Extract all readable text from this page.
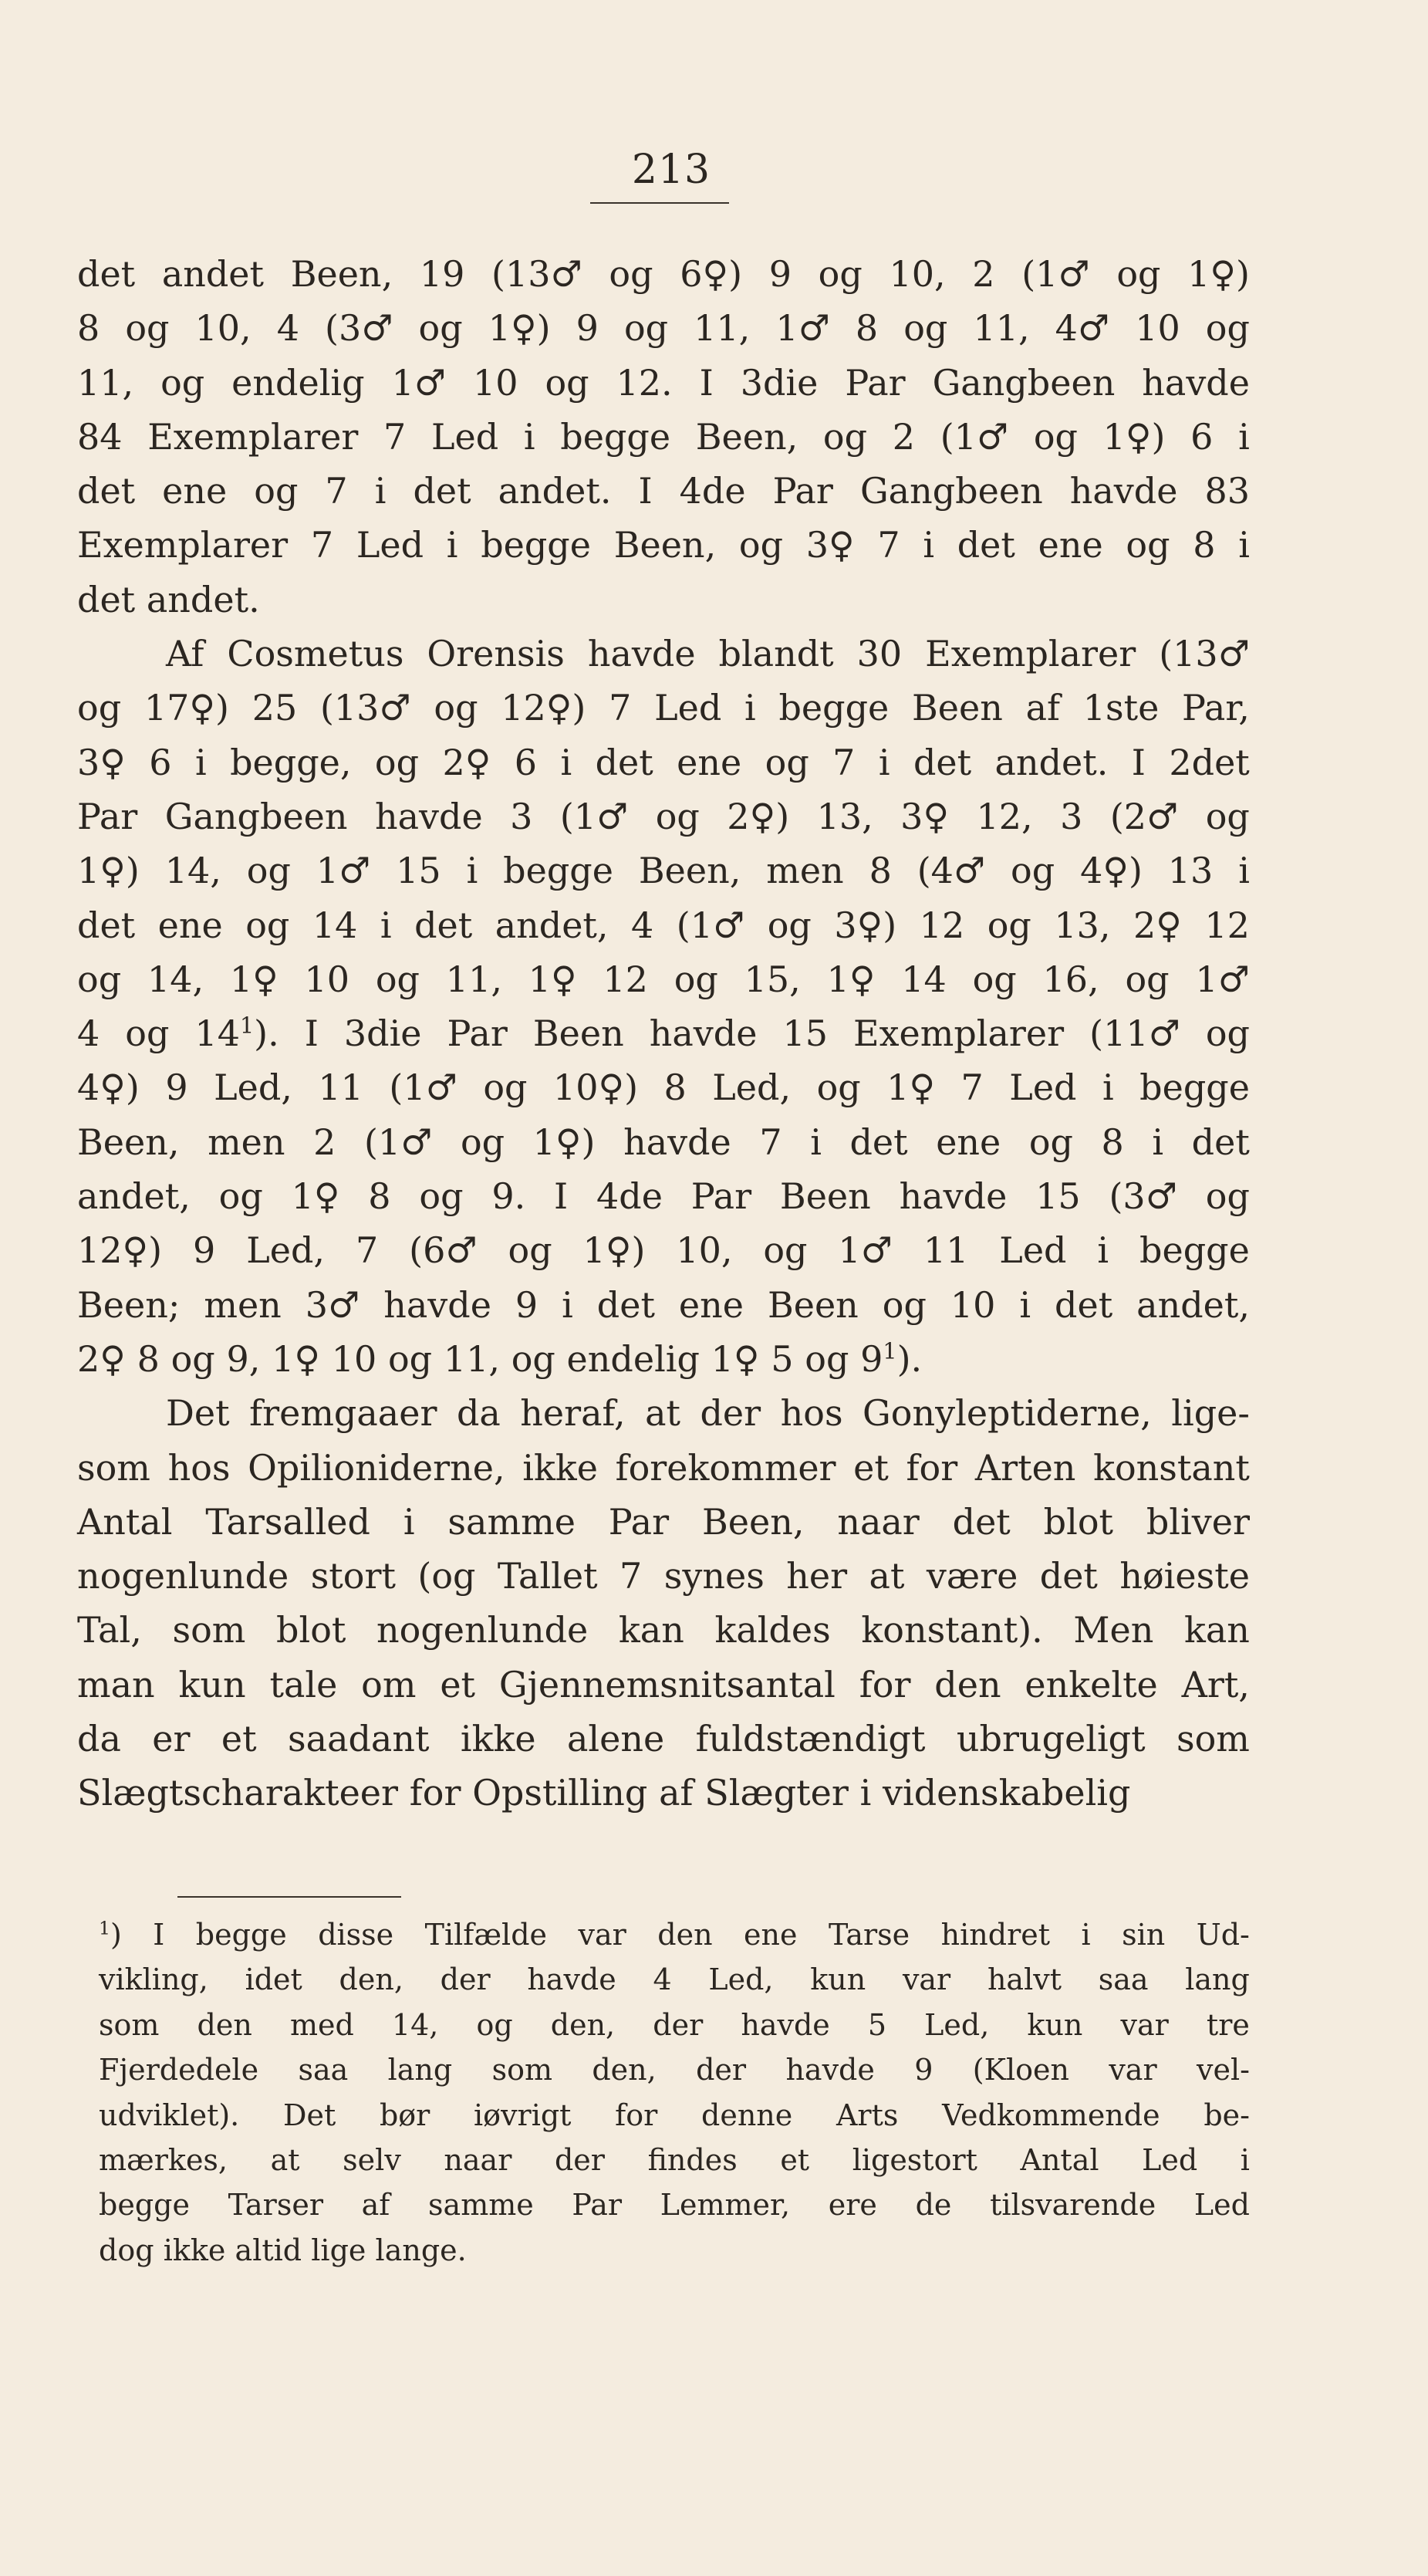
213
det andet Been, 19 (13♂ og 6♀) 9 og 10, 2 (1♂ og 1♀)
8 og 10, 4 (3♂ og 1♀) 9 og 11, 1♂ 8 og 11, 4♂ 10 og
11, og endelig 1♂ 10 og 12. I 3die Par Gangbeen havde
84 Exemplarer 7 Led i begge Been, og 2 (1♂ og 1♀) 6 i
det ene og 7 i det andet. I 4de Par Gangbeen havde 83
Exemplarer 7 Led i begge Been, og 3♀ 7 i det ene og 8 i
det andet.
Af Cosmetus Orensis havde blandt 30 Exemplarer (13♂
og 17♀) 25 (13♂ og 12♀) 7 Led i begge Been af 1ste Par,
3♀ 6 i begge, og 2♀ 6 i det ene og 7 i det andet. I 2det
Par Gangbeen havde 3 (1♂ og 2♀) 13, 3♀ 12, 3 (2♂ og
1♀) 14, og 1♂ 15 i begge Been, men 8 (4♂ og 4♀) 13 i
det ene og 14 i det andet, 4 (1♂ og 3♀) 12 og 13, 2♀ 12
og 14, 1♀ 10 og 11, 1♀ 12 og 15, 1♀ 14 og 16, og 1♂
4 og $14^1$). I 3die Par Been havde 15 Exemplarer (11♂ og
4♀) 9 Led, 11 (1♂ og 10♀) 8 Led, og 1♀ 7 Led i begge
Been, men 2 (1♂ og 1♀) havde 7 i det ene og 8 i det
andet, og 1♀ 8 og 9. I 4de Par Been havde 15 (3♂ og
12♀) 9 Led, 7 (6♂ og 1♀) 10, og 1♂ 11 Led i begge
Been; men 3♂ havde 9 i det ene Been og 10 i det andet,
2♀ 8 og 9, 1♀ 10 og 11, og endelig 1♀ 5 og $9^1$).
Det fremgaaer da heraf, at der hos Gonyleptiderne, lige-
som hos Opilioniderne, ikke forekommer et for Arten konstant
Antal Tarsalled i samme Par Been, naar det blot bliver
nogenlunde stort (og Tallet 7 synes her at være det høieste
Tal, som blot nogenlunde kan kaldes konstant). Men kan
man kun tale om et Gjennemsnitsantal for den enkelte Art,
da er et saadant ikke alene fuldstændigt ubrugeligt som
Slægtscharakteer for Opstilling af Slægter i videnskabelig
$^1$) I begge disse Tilfælde var den ene Tarse hindret i sin Ud-
vikling, idet den, der havde 4 Led, kun var halvt saa lang
som den med 14, og den, der havde 5 Led, kun var tre
Fjerdedele saa lang som den, der havde 9 (Kloen var vel-
udviklet). Det bør iøvrigt for denne Arts Vedkommende be-
mærkes, at selv naar der findes et ligestort Antal Led i
begge Tarser af samme Par Lemmer, ere de tilsvarende Led
dog ikke altid lige lange.
